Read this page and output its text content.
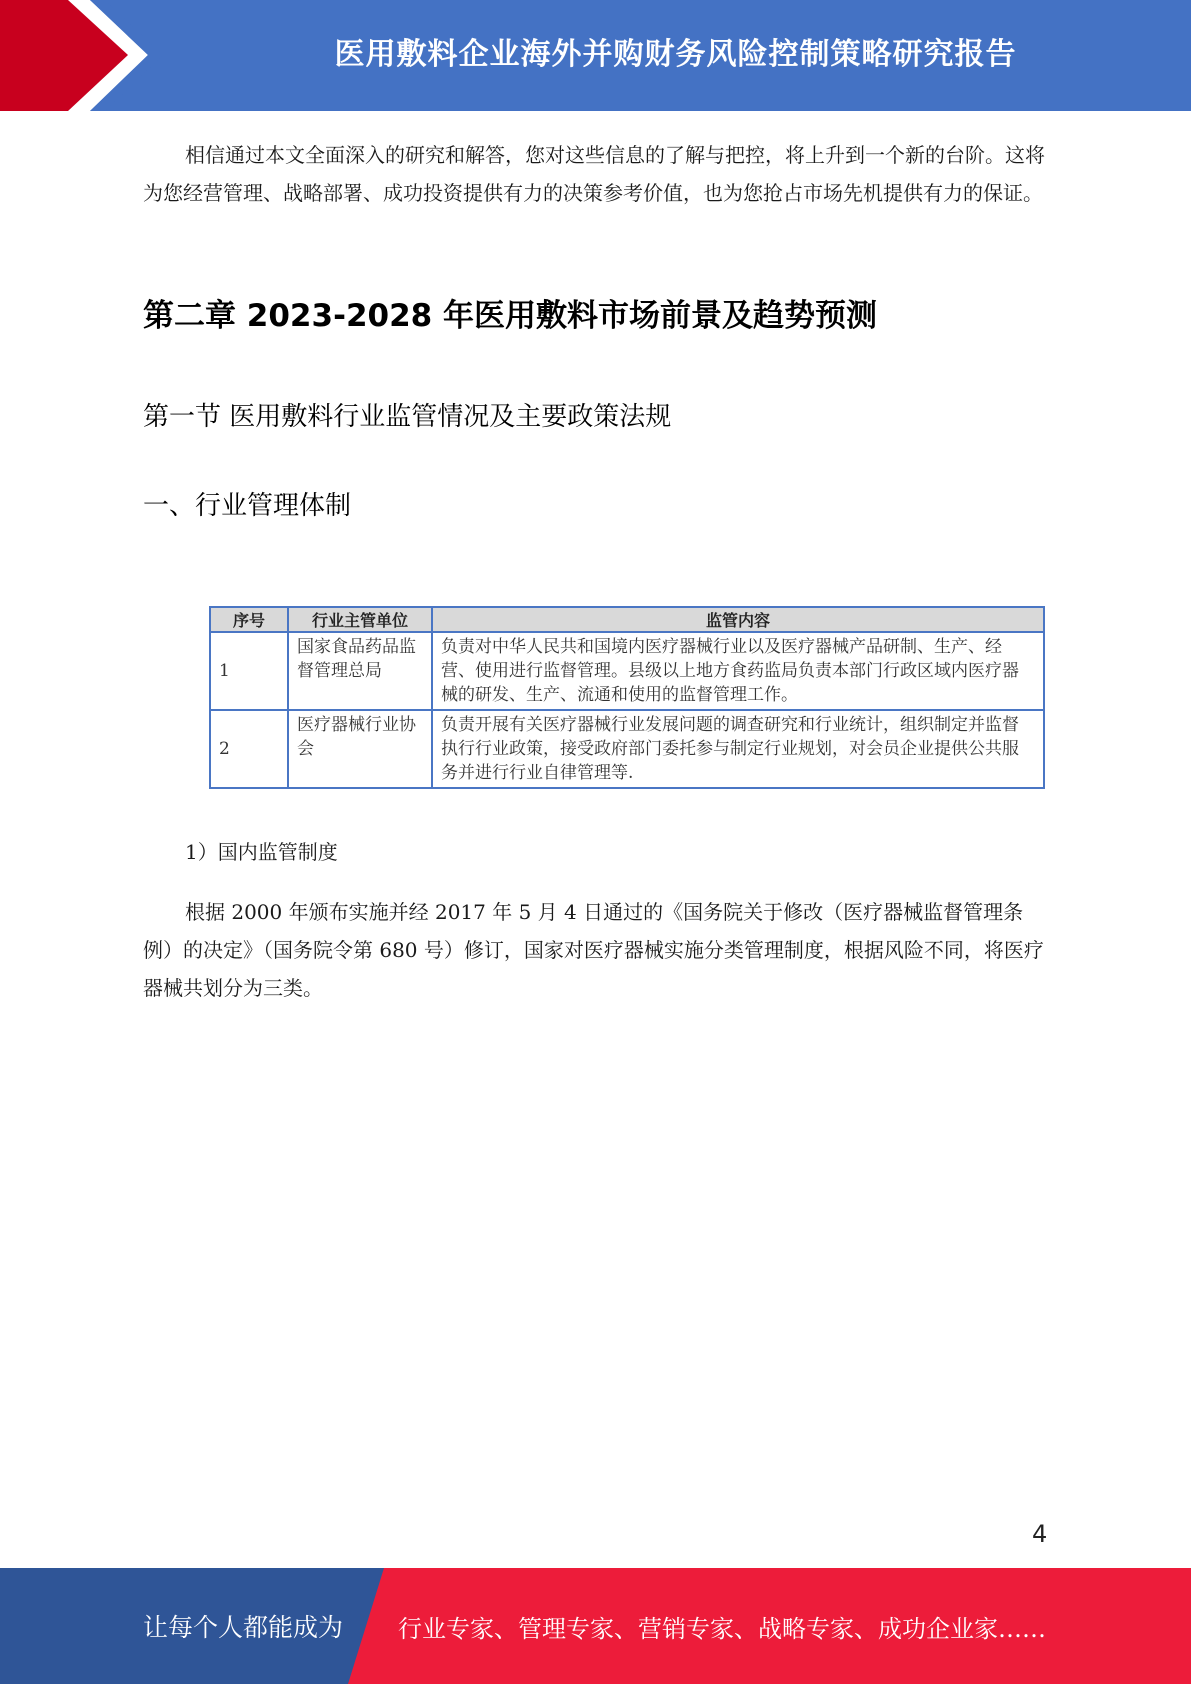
医用敷料企业海外并购财务风险控制策略研究报告

相信通过本文全面深入的研究和解答，您对这些信息的了解与把控，将上升到一个新的台阶。这将为您经营管理、战略部署、成功投资提供有力的决策参考价值，也为您抢占市场先机提供有力的保证。

第二章 2023-2028 年医用敷料市场前景及趋势预测
第一节 医用敷料行业监管情况及主要政策法规
一、行业管理体制
序号	行业主管单位	监管内容
1	国家食品药品监督管理总局	负责对中华人民共和国境内医疗器械行业以及医疗器械产品研制、生产、经营、使用进行监督管理。县级以上地方食药监局负责本部门行政区域内医疗器械的研发、生产、流通和使用的监督管理工作。
2	医疗器械行业协会	负责开展有关医疗器械行业发展问题的调查研究和行业统计，组织制定并监督执行行业政策，接受政府部门委托参与制定行业规划，对会员企业提供公共服务并进行行业自律管理等.

1）国内监管制度

根据 2000 年颁布实施并经 2017 年 5 月 4 日通过的《国务院关于修改（医疗器械监督管理条例）的决定》（国务院令第 680 号）修订，国家对医疗器械实施分类管理制度，根据风险不同，将医疗器械共划分为三类。

4
让每个人都能成为 行业专家、管理专家、营销专家、战略专家、成功企业家……
